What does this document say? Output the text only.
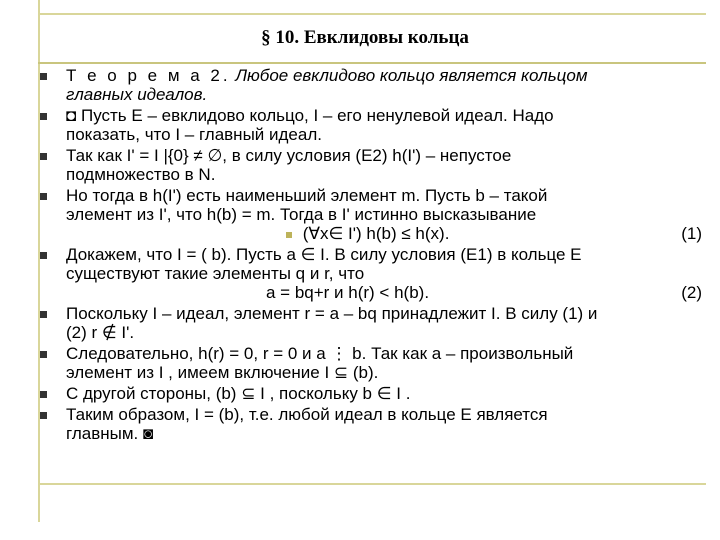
§ 10. Евклидовы кольца
Т е о р е м а 2. Любое евклидово кольцо является кольцом
главных идеалов.
◘ Пусть E – евклидово кольцо, I – его ненулевой идеал. Надо
показать, что I – главный идеал.
Так как I' = I |{0} ≠ ∅, в силу условия (Е2) h(I') – непустое
подмножество в N.
Но тогда в h(I') есть наименьший элемент m. Пусть b – такой
элемент из I', что h(b) = m. Тогда в I' истинно высказывание
(∀x∈ I') h(b) ≤ h(x).	(1)
Докажем, что I = ( b). Пусть a ∈ I. В силу условия (Е1) в кольце E
существуют такие элементы q и r, что
a = bq+r и h(r) < h(b).	(2)
Поскольку I – идеал, элемент r = a – bq принадлежит I. В силу (1) и
(2) r ∉ I'.
Следовательно, h(r) = 0, r = 0 и a ⋮ b. Так как a – произвольный
элемент из I , имеем включение I ⊆ (b).
С другой стороны, (b) ⊆ I , поскольку b ∈ I .
Таким образом, I = (b), т.е. любой идеал в кольце E является
главным. ◙
